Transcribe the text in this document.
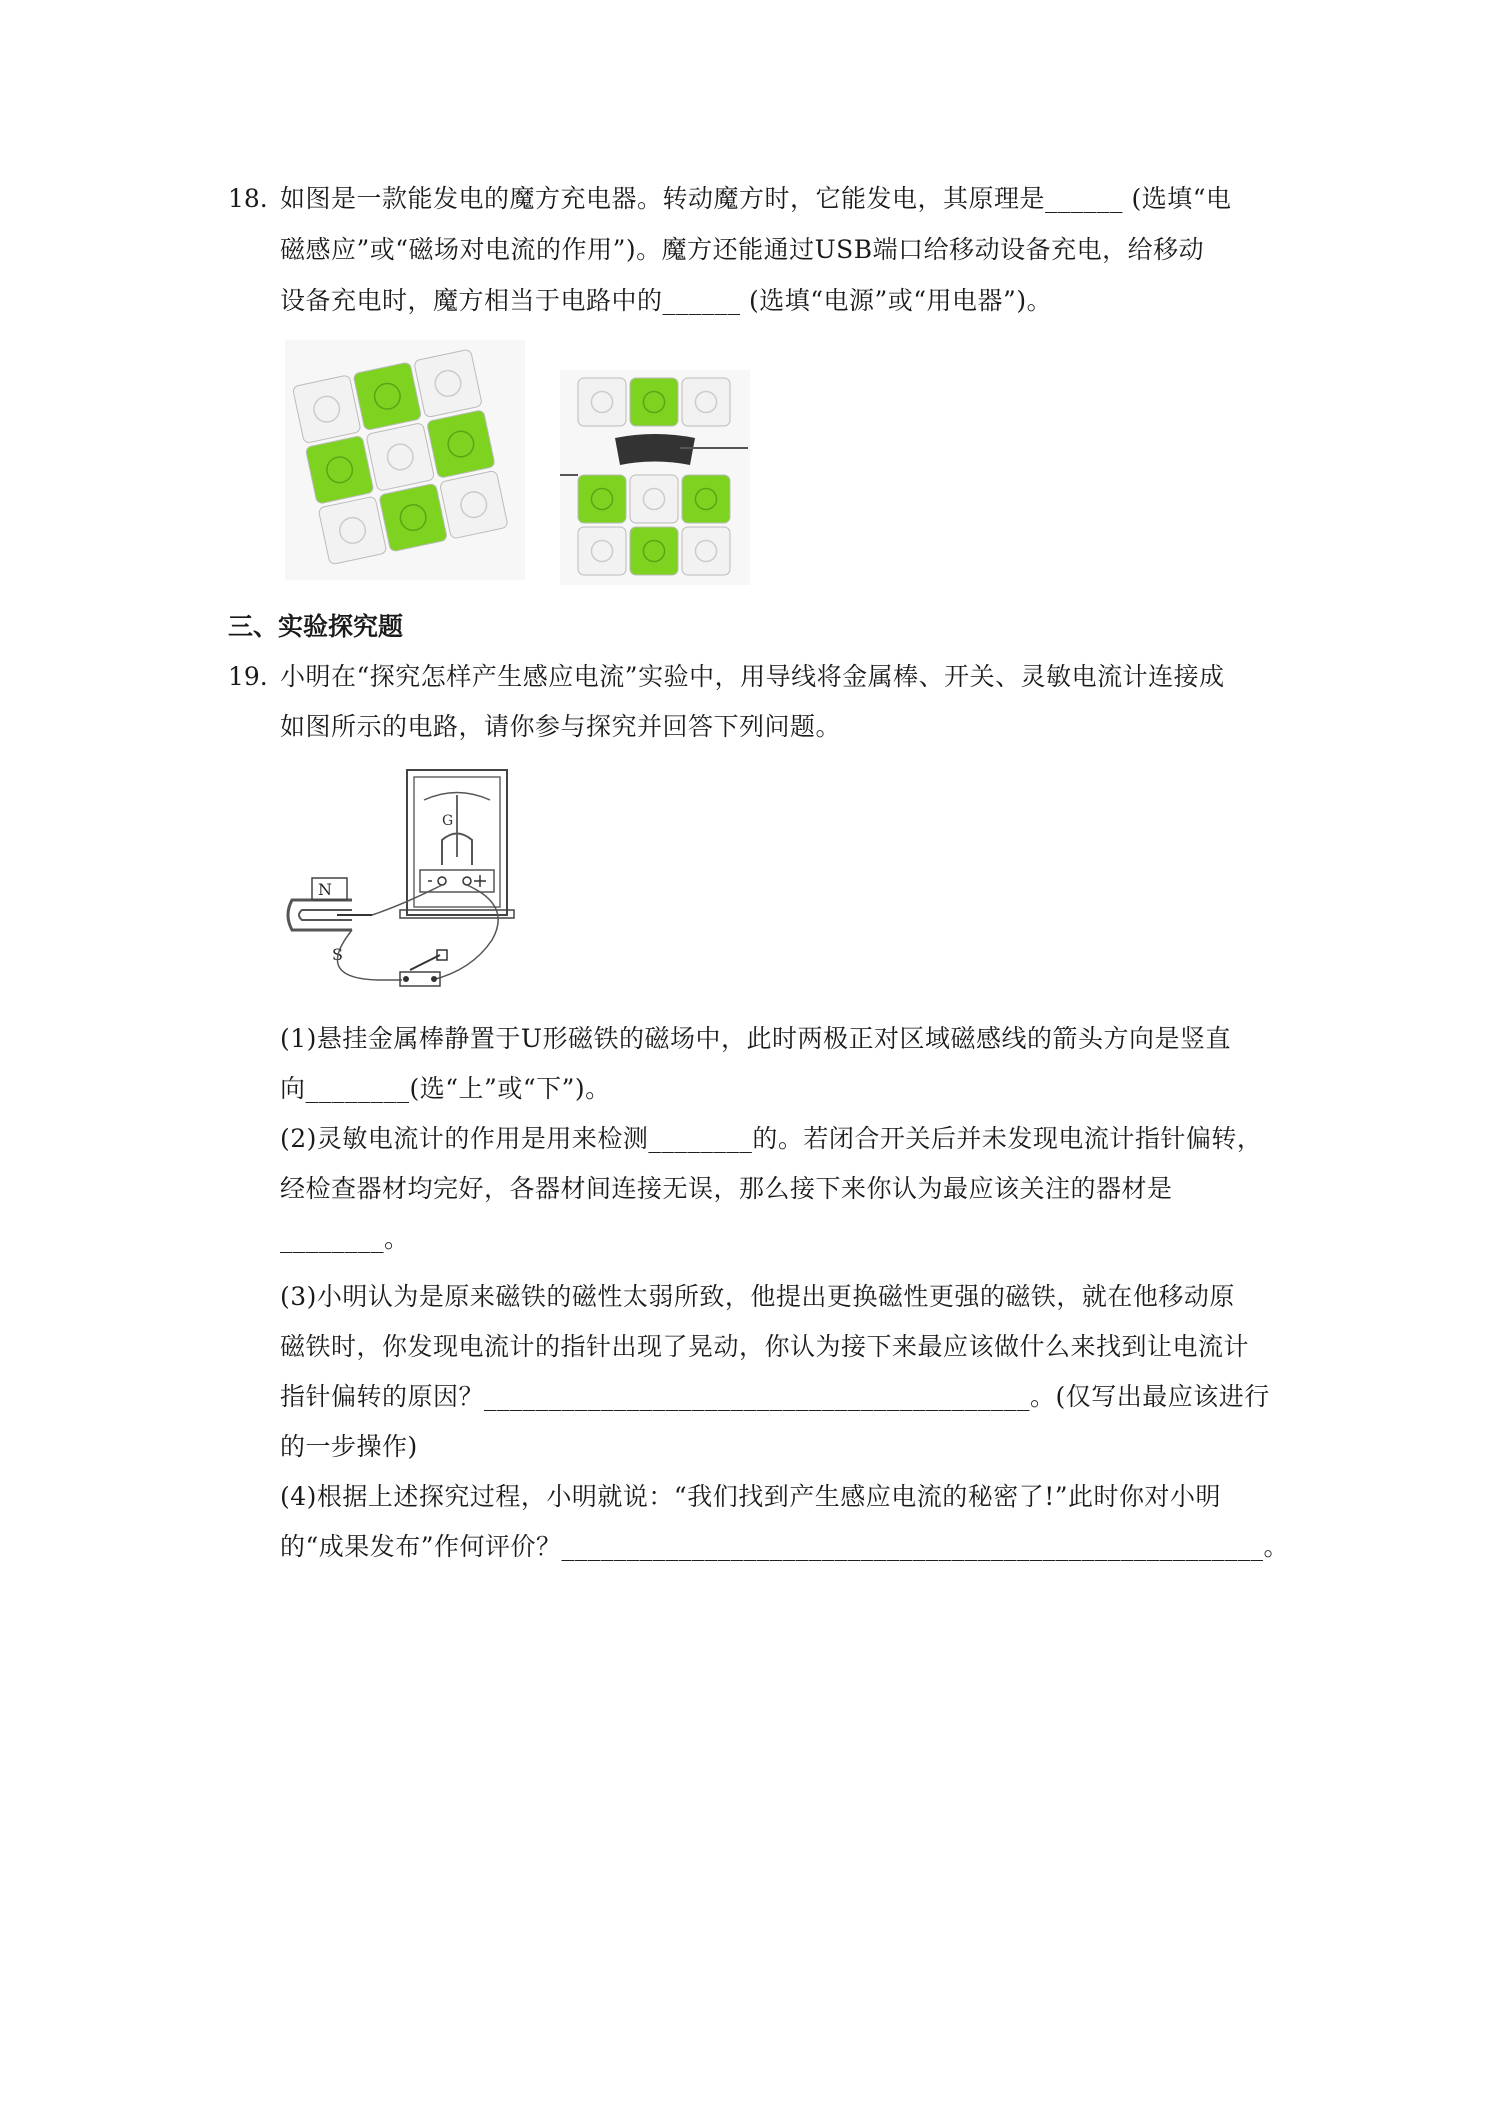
18. 如图是一款能发电的魔方充电器。转动魔方时，它能发电，其原理是______ (选填“电
磁感应”或“磁场对电流的作用”)。魔方还能通过USB端口给移动设备充电，给移动
设备充电时，魔方相当于电路中的______ (选填“电源”或“用电器”)。
三、实验探究题
19. 小明在“探究怎样产生感应电流”实验中，用导线将金属棒、开关、灵敏电流计连接成
如图所示的电路，请你参与探究并回答下列问题。
G
N
S
(1)悬挂金属棒静置于U形磁铁的磁场中，此时两极正对区域磁感线的箭头方向是竖直
向________(选“上”或“下”)。
(2)灵敏电流计的作用是用来检测________的。若闭合开关后并未发现电流计指针偏转，
经检查器材均完好，各器材间连接无误，那么接下来你认为最应该关注的器材是
________。
(3)小明认为是原来磁铁的磁性太弱所致，他提出更换磁性更强的磁铁，就在他移动原
磁铁时，你发现电流计的指针出现了晃动，你认为接下来最应该做什么来找到让电流计
指针偏转的原因？__________________________________________。(仅写出最应该进行
的一步操作)
(4)根据上述探究过程，小明就说：“我们找到产生感应电流的秘密了!”此时你对小明
的“成果发布”作何评价？______________________________________________________。
